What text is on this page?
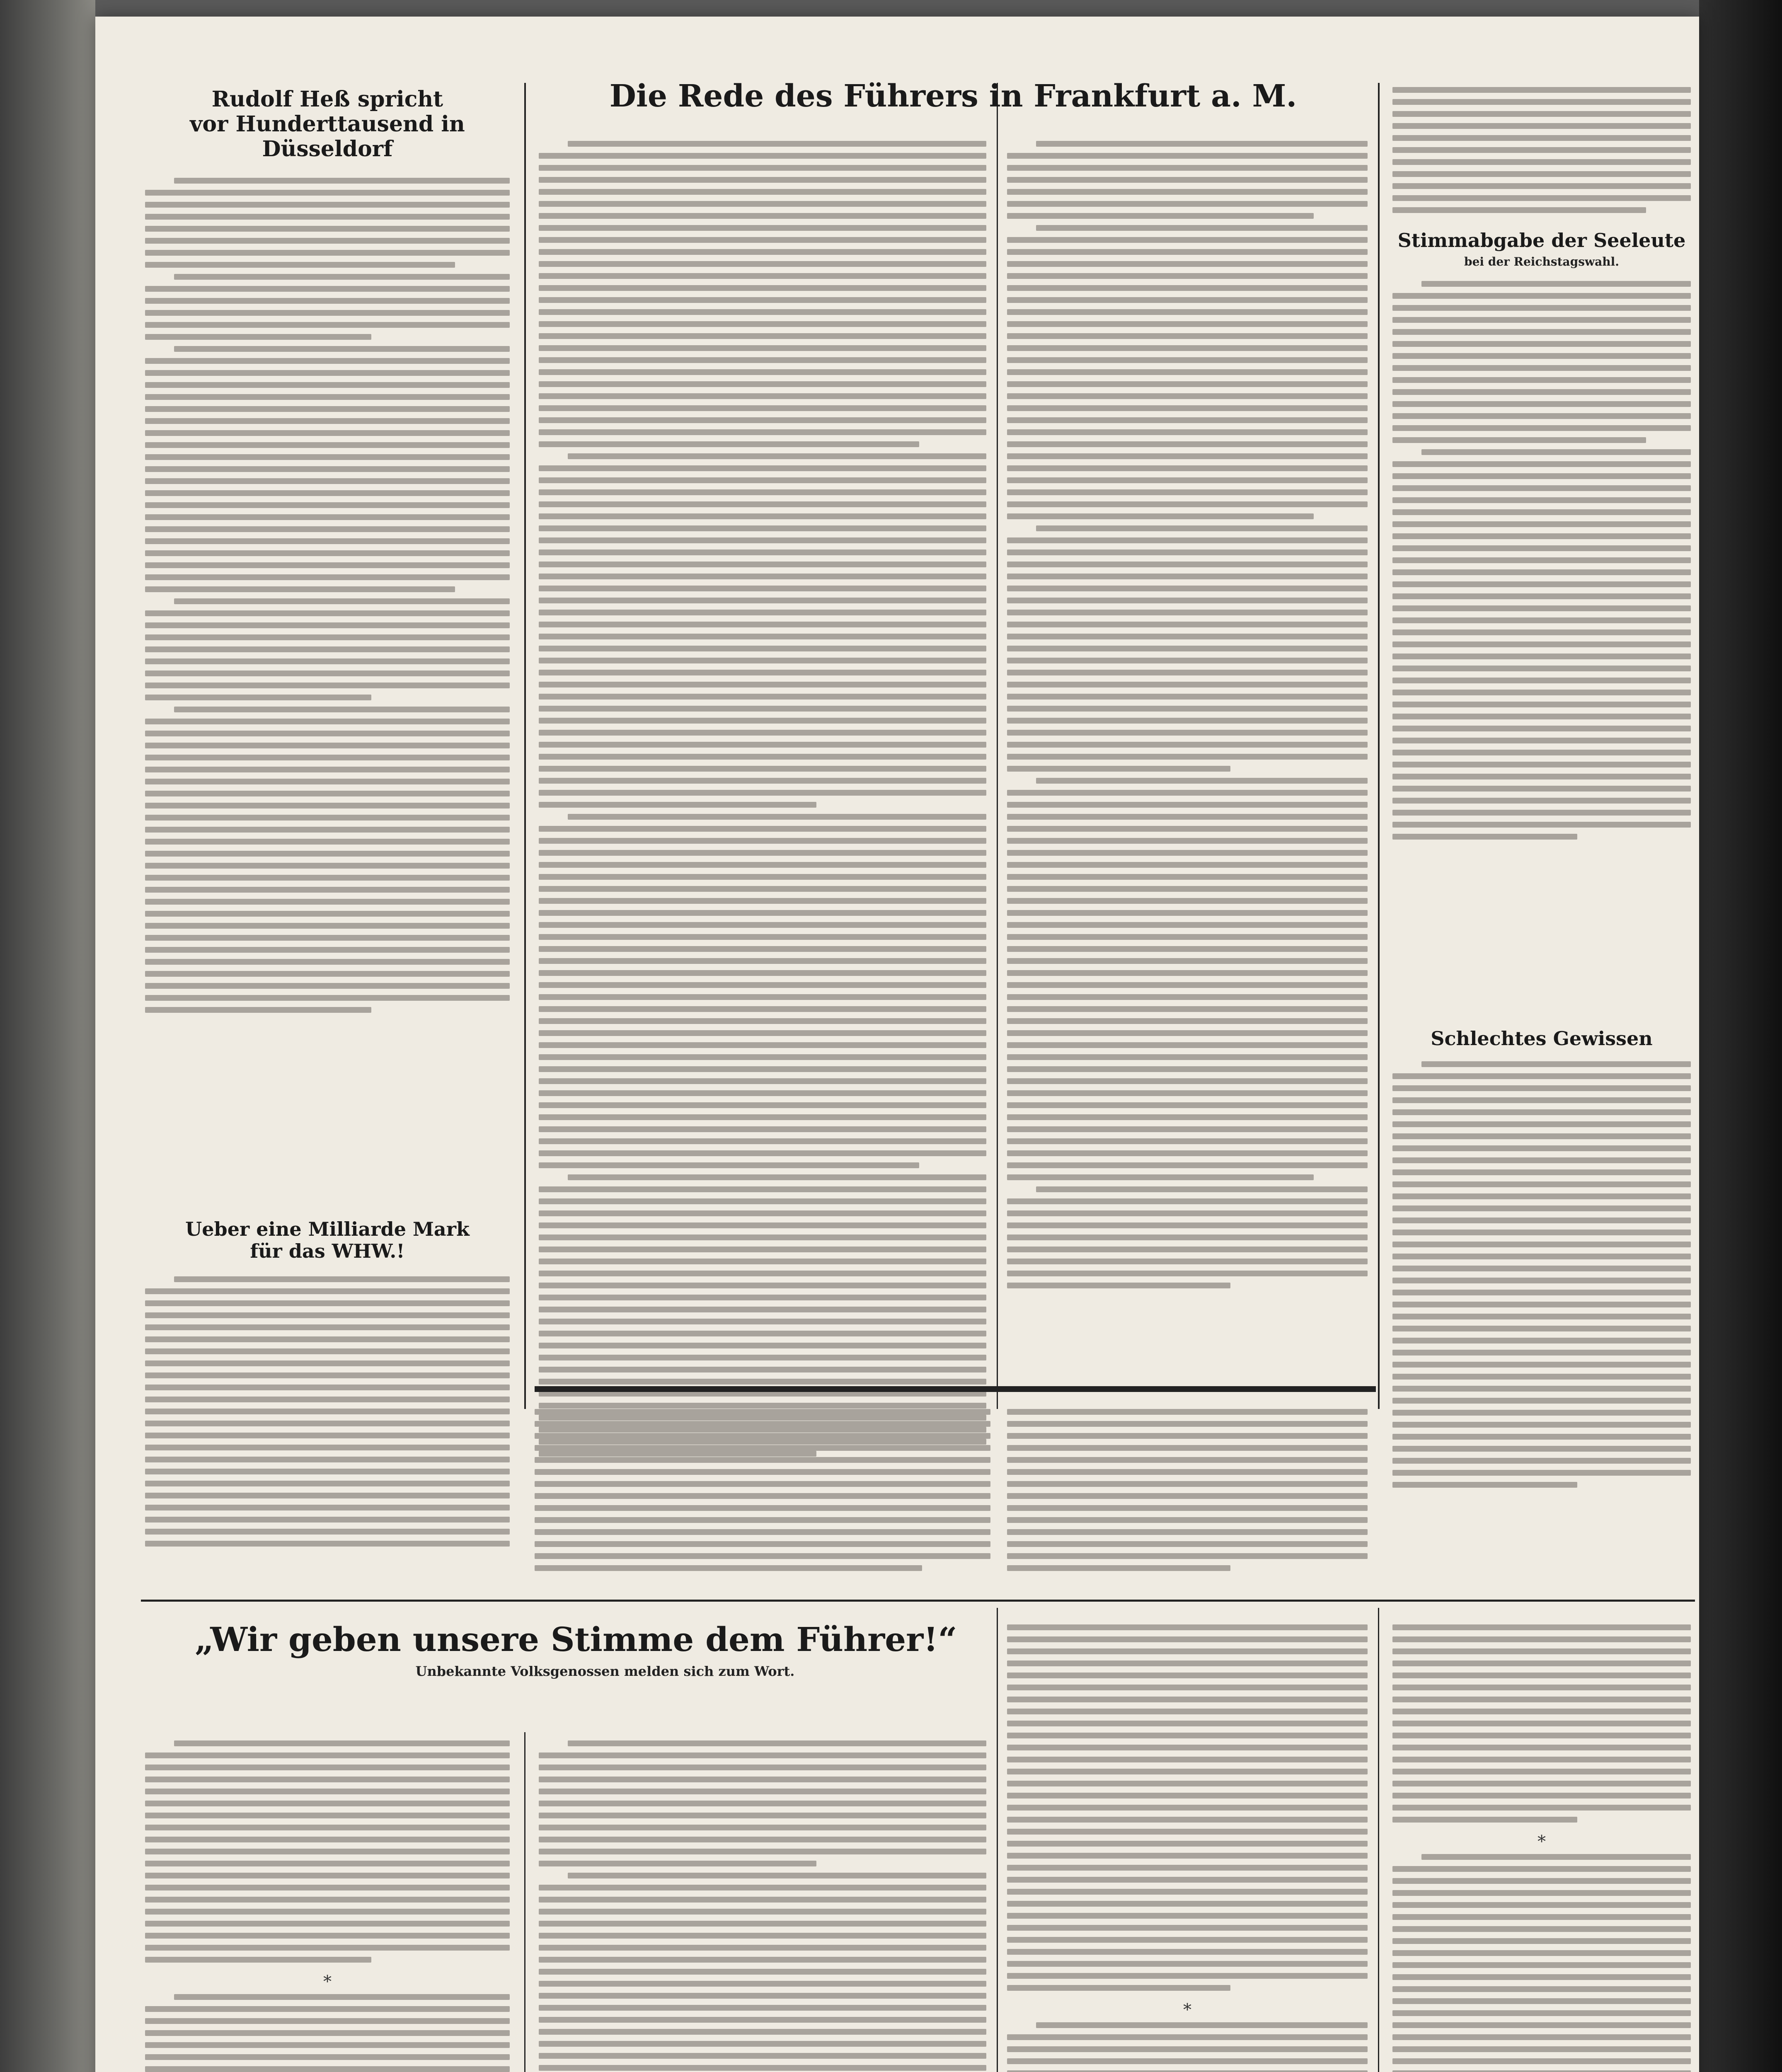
Rudolf Heß spricht
vor Hunderttausend in Düsseldorf
Ueber eine Milliarde Mark
für das WHW.!
Die Rede des Führers in Frankfurt a. M.
Stimmabgabe der Seeleute
bei der Reichstagswahl.
Schlechtes Gewissen
„Wir geben unsere Stimme dem Führer!“
Unbekannte Volksgenossen melden sich zum Wort.
∗
∗
∗
